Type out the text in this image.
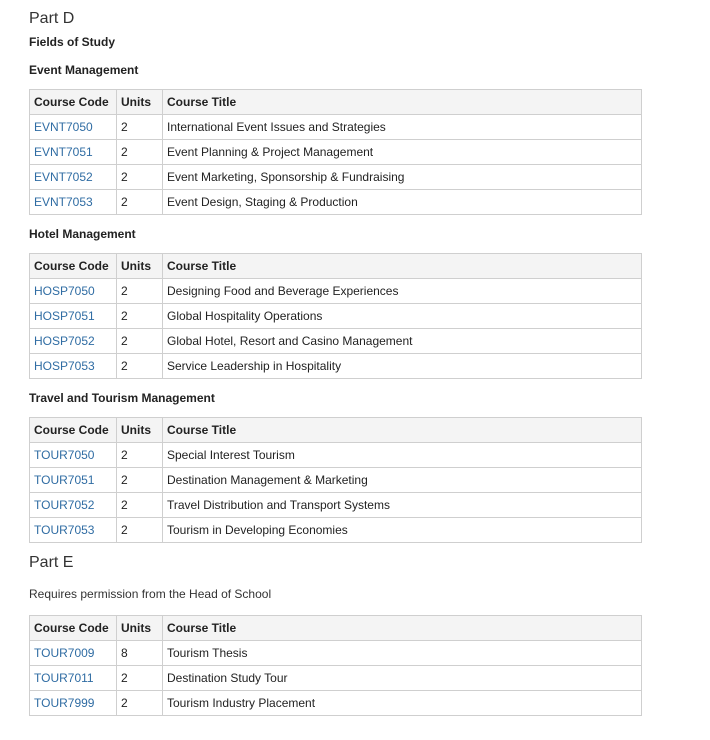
Part D
Fields of Study
Event Management
Course Code	Units	Course Title
EVNT7050	2	International Event Issues and Strategies
EVNT7051	2	Event Planning & Project Management
EVNT7052	2	Event Marketing, Sponsorship & Fundraising
EVNT7053	2	Event Design, Staging & Production
Hotel Management
Course Code	Units	Course Title
HOSP7050	2	Designing Food and Beverage Experiences
HOSP7051	2	Global Hospitality Operations
HOSP7052	2	Global Hotel, Resort and Casino Management
HOSP7053	2	Service Leadership in Hospitality
Travel and Tourism Management
Course Code	Units	Course Title
TOUR7050	2	Special Interest Tourism
TOUR7051	2	Destination Management & Marketing
TOUR7052	2	Travel Distribution and Transport Systems
TOUR7053	2	Tourism in Developing Economies
Part E
Requires permission from the Head of School
Course Code	Units	Course Title
TOUR7009	8	Tourism Thesis
TOUR7011	2	Destination Study Tour
TOUR7999	2	Tourism Industry Placement
